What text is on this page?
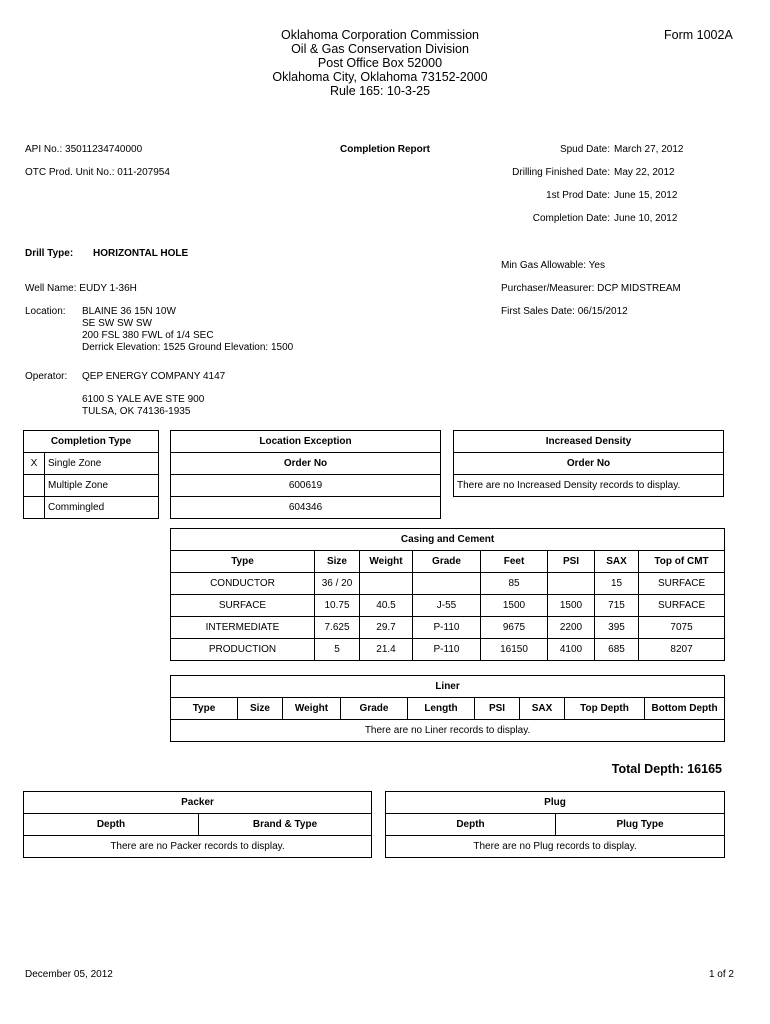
Oklahoma Corporation Commission
Oil & Gas Conservation Division
Post Office Box 52000
Oklahoma City, Oklahoma 73152-2000
Rule 165: 10-3-25
Form 1002A
API No.: 35011234740000	Completion Report
OTC Prod. Unit No.: 011-207954
Spud Date: March 27, 2012
Drilling Finished Date: May 22, 2012
1st Prod Date: June 15, 2012
Completion Date: June 10, 2012
Drill Type: HORIZONTAL HOLE
Min Gas Allowable: Yes
Well Name: EUDY 1-36H	Purchaser/Measurer: DCP MIDSTREAM
Location: BLAINE 36 15N 10W
SE SW SW SW
200 FSL 380 FWL of 1/4 SEC
Derrick Elevation: 1525 Ground Elevation: 1500
First Sales Date: 06/15/2012
Operator: QEP ENERGY COMPANY 4147
6100 S YALE AVE STE 900
TULSA, OK 74136-1935
Completion Type	
X	Single Zone
	Multiple Zone
	Commingled
Location Exception
Order No
600619
604346
Increased Density
Order No
There are no Increased Density records to display.
Casing and Cement							
Type	Size	Weight	Grade	Feet	PSI	SAX	Top of CMT
CONDUCTOR	36 / 20			85		15	SURFACE
SURFACE	10.75	40.5	J-55	1500	1500	715	SURFACE
INTERMEDIATE	7.625	29.7	P-110	9675	2200	395	7075
PRODUCTION	5	21.4	P-110	16150	4100	685	8207
Liner
Type	Size	Weight	Grade	Length	PSI	SAX	Top Depth	Bottom Depth
There are no Liner records to display.
Total Depth: 16165
Packer
Depth	Brand & Type
There are no Packer records to display.
Plug
Depth	Plug Type
There are no Plug records to display.
December 05, 2012	1 of 2
